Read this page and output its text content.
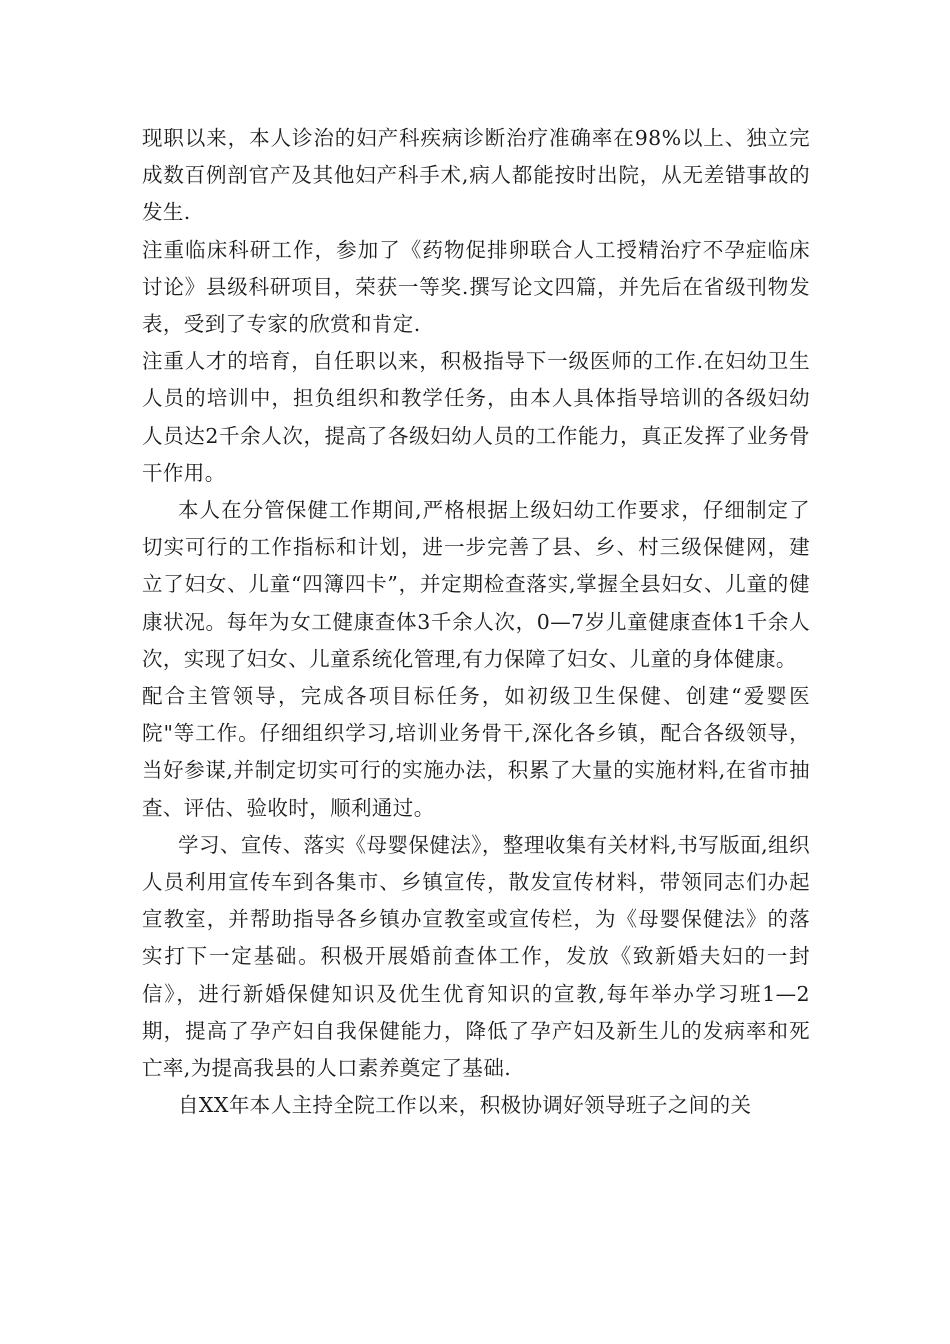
现职以来，本人诊治的妇产科疾病诊断治疗准确率在98%以上、独立完成数百例剖官产及其他妇产科手术,病人都能按时出院，从无差错事故的发生.

注重临床科研工作，参加了《药物促排卵联合人工授精治疗不孕症临床讨论》县级科研项目，荣获一等奖.撰写论文四篇，并先后在省级刊物发表，受到了专家的欣赏和肯定.

注重人才的培育，自任职以来，积极指导下一级医师的工作.在妇幼卫生人员的培训中，担负组织和教学任务，由本人具体指导培训的各级妇幼人员达2千余人次，提高了各级妇幼人员的工作能力，真正发挥了业务骨干作用。

本人在分管保健工作期间,严格根据上级妇幼工作要求，仔细制定了切实可行的工作指标和计划，进一步完善了县、乡、村三级保健网，建立了妇女、儿童“四簿四卡”，并定期检查落实,掌握全县妇女、儿童的健康状况。每年为女工健康查体3千余人次，0—7岁儿童健康查体1千余人次，实现了妇女、儿童系统化管理,有力保障了妇女、儿童的身体健康。

配合主管领导，完成各项目标任务，如初级卫生保健、创建“爱婴医院"等工作。仔细组织学习,培训业务骨干,深化各乡镇，配合各级领导，当好参谋,并制定切实可行的实施办法，积累了大量的实施材料,在省市抽查、评估、验收时，顺利通过。

学习、宣传、落实《母婴保健法》，整理收集有关材料,书写版面,组织人员利用宣传车到各集市、乡镇宣传，散发宣传材料，带领同志们办起宣教室，并帮助指导各乡镇办宣教室或宣传栏，为《母婴保健法》的落实打下一定基础。积极开展婚前查体工作，发放《致新婚夫妇的一封信》，进行新婚保健知识及优生优育知识的宣教,每年举办学习班1—2期，提高了孕产妇自我保健能力，降低了孕产妇及新生儿的发病率和死亡率,为提高我县的人口素养奠定了基础.

自XX年本人主持全院工作以来，积极协调好领导班子之间的关
